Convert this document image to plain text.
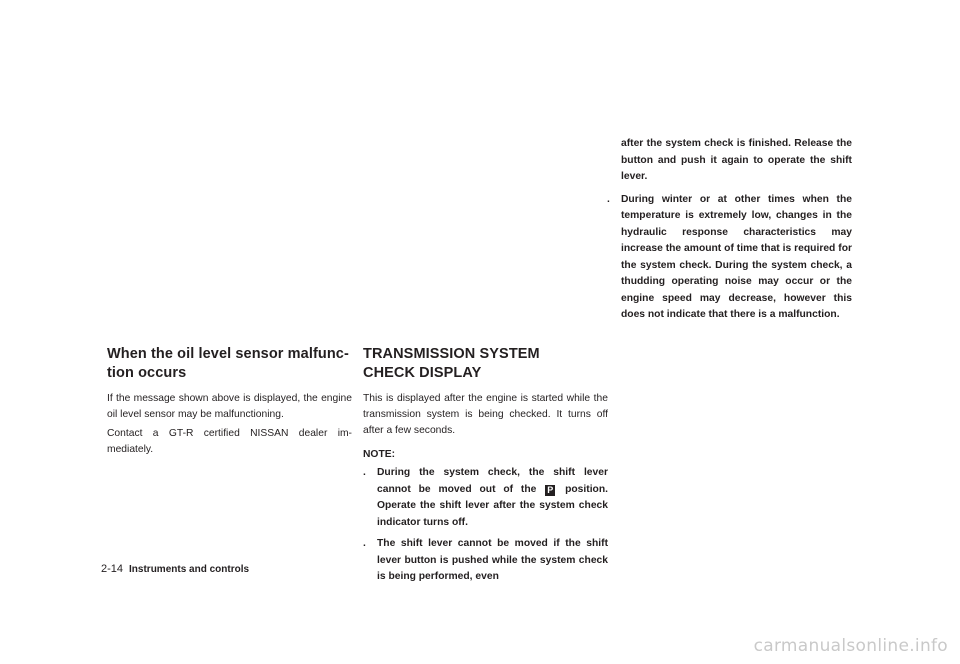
When the oil level sensor malfunc-
tion occurs

If the message shown above is displayed, the engine oil level sensor may be malfunctioning.

Contact a GT-R certified NISSAN dealer im-mediately.

TRANSMISSION SYSTEM CHECK DISPLAY

This is displayed after the engine is started while the transmission system is being checked. It turns off after a few seconds.

NOTE:
. During the system check, the shift lever cannot be moved out of the P position. Operate the shift lever after the system check indicator turns off.
. The shift lever cannot be moved if the shift lever button is pushed while the system check is being performed, even
after the system check is finished. Release the button and push it again to operate the shift lever.
. During winter or at other times when the temperature is extremely low, changes in the hydraulic response characteristics may increase the amount of time that is required for the system check. During the system check, a thudding operating noise may occur or the engine speed may decrease, however this does not indicate that there is a malfunction.
2-14 Instruments and controls
carmanualsonline.info
